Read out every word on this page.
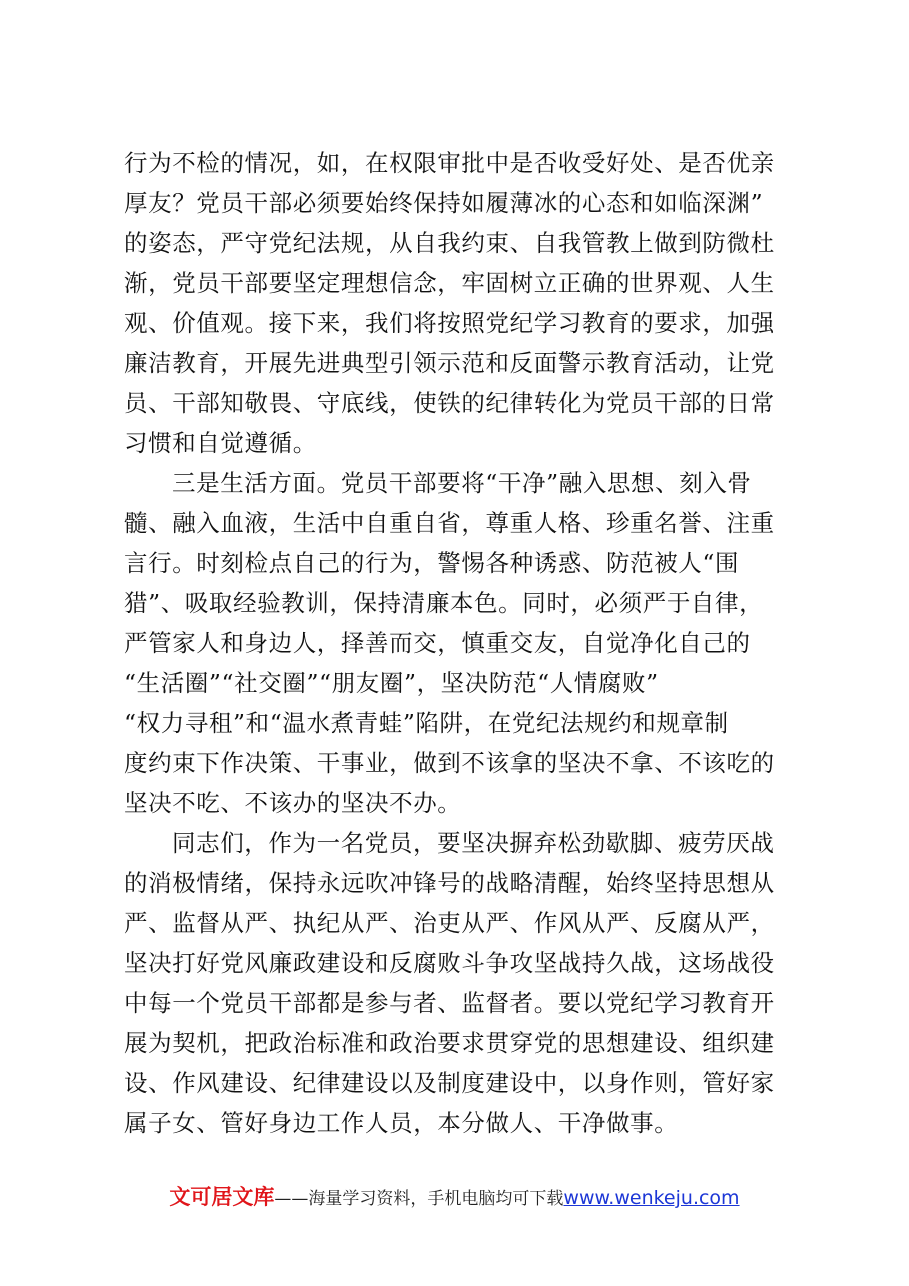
行为不检的情况，如，在权限审批中是否收受好处、是否优亲
厚友？党员干部必须要始终保持如履薄冰的心态和如临深渊”
的姿态，严守党纪法规，从自我约束、自我管教上做到防微杜
渐，党员干部要坚定理想信念，牢固树立正确的世界观、人生
观、价值观。接下来，我们将按照党纪学习教育的要求，加强
廉洁教育，开展先进典型引领示范和反面警示教育活动，让党
员、干部知敬畏、守底线，使铁的纪律转化为党员干部的日常
习惯和自觉遵循。
三是生活方面。党员干部要将“干净”融入思想、刻入骨
髓、融入血液，生活中自重自省，尊重人格、珍重名誉、注重
言行。时刻检点自己的行为，警惕各种诱惑、防范被人“围
猎”、吸取经验教训，保持清廉本色。同时，必须严于自律，
严管家人和身边人，择善而交，慎重交友，自觉净化自己的
“生活圈”“社交圈”“朋友圈”，坚决防范“人情腐败”
“权力寻租”和“温水煮青蛙”陷阱，在党纪法规约和规章制
度约束下作决策、干事业，做到不该拿的坚决不拿、不该吃的
坚决不吃、不该办的坚决不办。
同志们，作为一名党员，要坚决摒弃松劲歇脚、疲劳厌战
的消极情绪，保持永远吹冲锋号的战略清醒，始终坚持思想从
严、监督从严、执纪从严、治吏从严、作风从严、反腐从严，
坚决打好党风廉政建设和反腐败斗争攻坚战持久战，这场战役
中每一个党员干部都是参与者、监督者。要以党纪学习教育开
展为契机，把政治标准和政治要求贯穿党的思想建设、组织建
设、作风建设、纪律建设以及制度建设中，以身作则，管好家
属子女、管好身边工作人员，本分做人、干净做事。
文可居文库——海量学习资料，手机电脑均可下载www.wenkeju.com
